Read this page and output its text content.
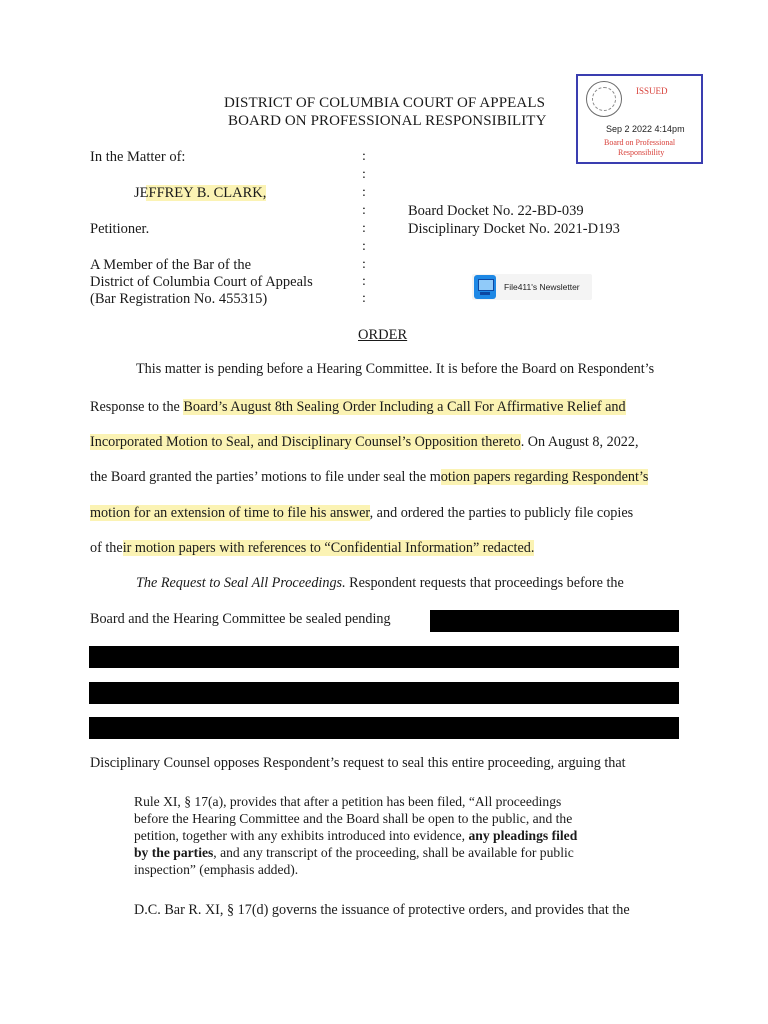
DISTRICT OF COLUMBIA COURT OF APPEALS
BOARD ON PROFESSIONAL RESPONSIBILITY
ISSUED
Sep 2 2022 4:14pm
Board on Professional
Responsibility
In the Matter of:
JEFFREY B. CLARK,
Petitioner.
A Member of the Bar of the
District of Columbia Court of Appeals
(Bar Registration No. 455315)
:
:
:
:
:
:
:
:
:
Board Docket No. 22-BD-039
Disciplinary Docket No. 2021-D193
File411's Newsletter
ORDER
This matter is pending before a Hearing Committee. It is before the Board on Respondent’s
Response to the Board’s August 8th Sealing Order Including a Call For Affirmative Relief and
Incorporated Motion to Seal, and Disciplinary Counsel’s Opposition thereto. On August 8, 2022,
the Board granted the parties’ motions to file under seal the motion papers regarding Respondent’s
motion for an extension of time to file his answer, and ordered the parties to publicly file copies
of their motion papers with references to “Confidential Information” redacted.
The Request to Seal All Proceedings. Respondent requests that proceedings before the
Board and the Hearing Committee be sealed pending
Disciplinary Counsel opposes Respondent’s request to seal this entire proceeding, arguing that
Rule XI, § 17(a), provides that after a petition has been filed, “All proceedings
before the Hearing Committee and the Board shall be open to the public, and the
petition, together with any exhibits introduced into evidence, any pleadings filed
by the parties, and any transcript of the proceeding, shall be available for public
inspection” (emphasis added).
D.C. Bar R. XI, § 17(d) governs the issuance of protective orders, and provides that the
